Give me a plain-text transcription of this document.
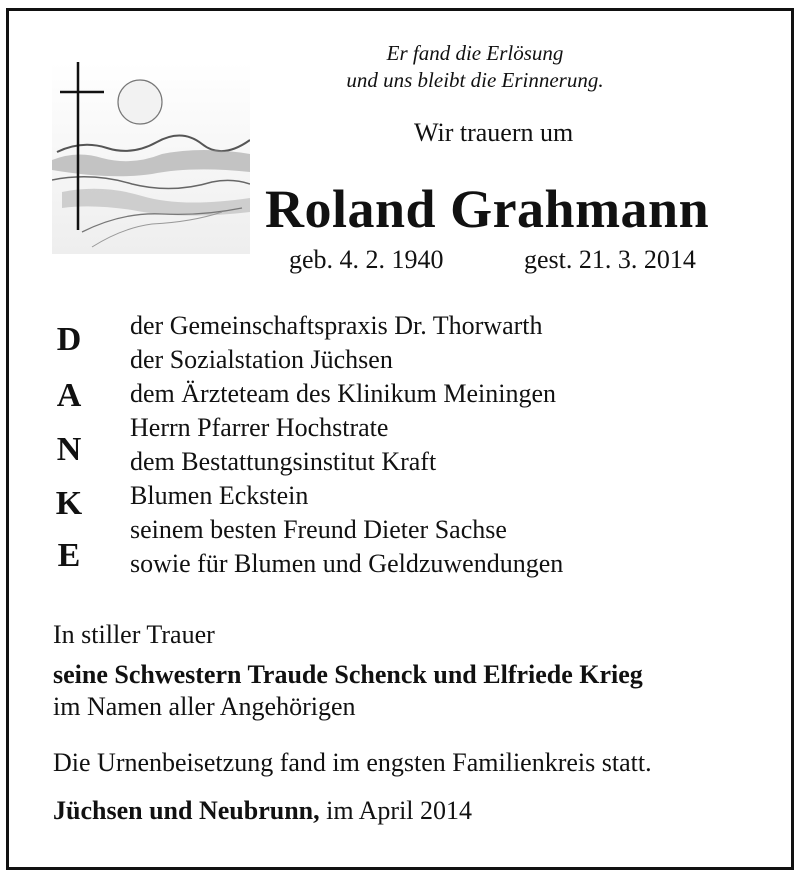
Er fand die Erlösung
und uns bleibt die Erinnerung.
Wir trauern um
Roland Grahmann
geb. 4. 2. 1940	gest. 21. 3. 2014
D
A
N
K
E
der Gemeinschaftspraxis Dr. Thorwarth
der Sozialstation Jüchsen
dem Ärzteteam des Klinikum Meiningen
Herrn Pfarrer Hochstrate
dem Bestattungsinstitut Kraft
Blumen Eckstein
seinem besten Freund Dieter Sachse
sowie für Blumen und Geldzuwendungen
In stiller Trauer
seine Schwestern Traude Schenck und Elfriede Krieg
im Namen aller Angehörigen
Die Urnenbeisetzung fand im engsten Familienkreis statt.
Jüchsen und Neubrunn, im April 2014
